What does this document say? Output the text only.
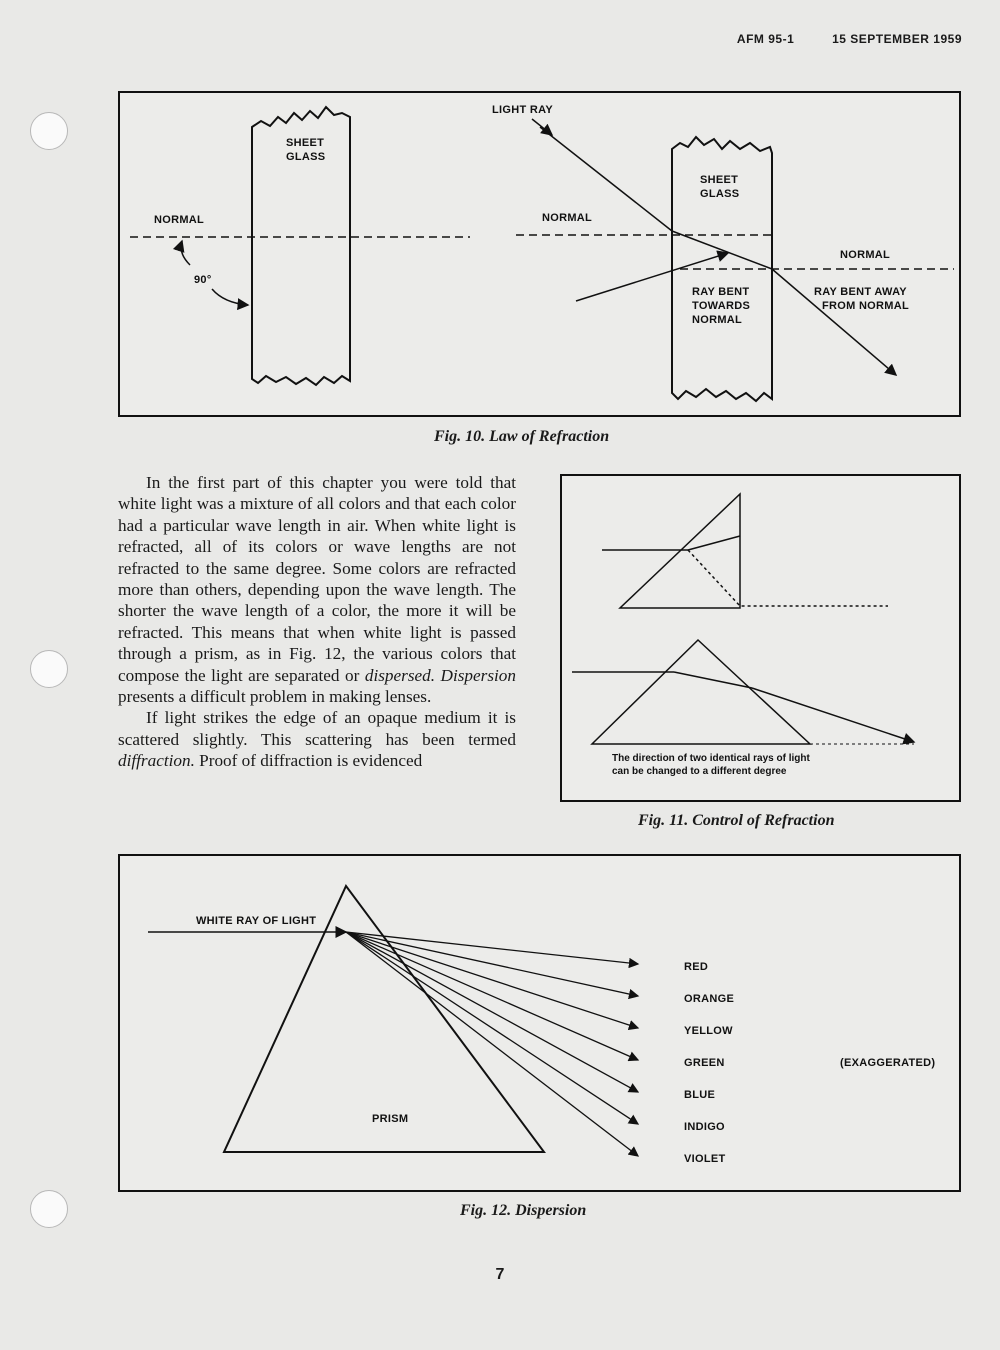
AFM 95-1	15 SEPTEMBER 1959
NORMAL
SHEET
GLASS
90°
SHEET
GLASS
LIGHT RAY
NORMAL
NORMAL
RAY BENT
TOWARDS
NORMAL
RAY BENT AWAY
FROM NORMAL
Fig. 10. Law of Refraction

In the first part of this chapter you were told that white light was a mixture of all colors and that each color had a particular wave length in air. When white light is refracted, all of its colors or wave lengths are not refracted to the same degree. Some colors are refracted more than others, depending upon the wave length. The shorter the wave length of a color, the more it will be refracted. This means that when white light is passed through a prism, as in Fig. 12, the various colors that compose the light are separated or dispersed. Dispersion presents a difficult problem in making lenses.

If light strikes the edge of an opaque medium it is scattered slightly. This scattering has been termed diffraction. Proof of diffraction is evidenced	The direction of two identical rays of light
can be changed to a different degree
Fig. 11. Control of Refraction
WHITE RAY OF LIGHT
PRISM
RED
ORANGE
YELLOW
GREEN
BLUE
INDIGO
VIOLET
(EXAGGERATED)
Fig. 12. Dispersion
7
